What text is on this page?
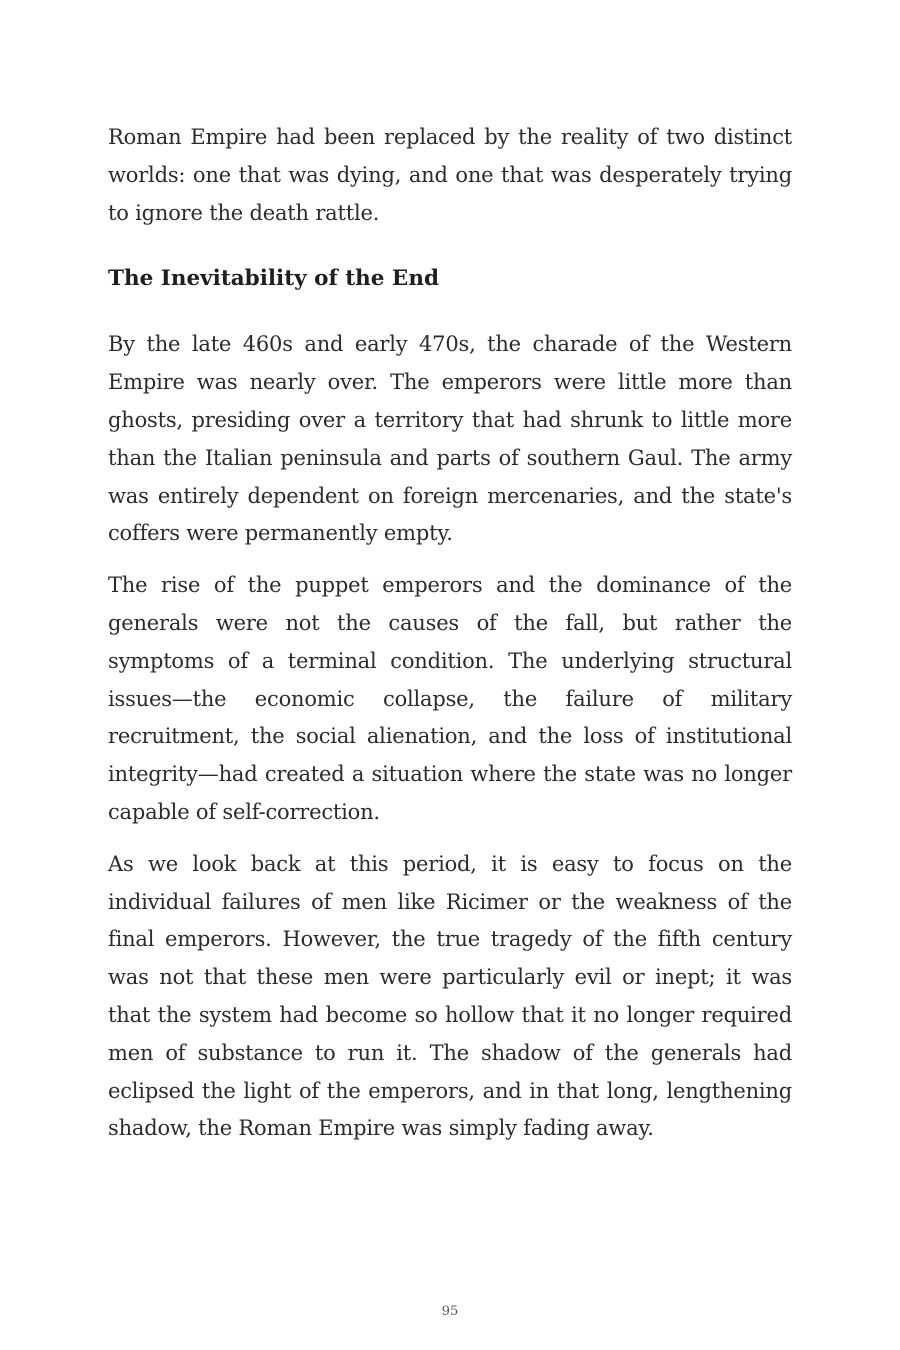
Roman Empire had been replaced by the reality of two distinct worlds: one that was dying, and one that was desperately trying to ignore the death rattle.

The Inevitability of the End

By the late 460s and early 470s, the charade of the Western Empire was nearly over. The emperors were little more than ghosts, presiding over a territory that had shrunk to little more than the Italian peninsula and parts of southern Gaul. The army was entirely dependent on foreign mercenaries, and the state's coffers were permanently empty.

The rise of the puppet emperors and the dominance of the generals were not the causes of the fall, but rather the symptoms of a terminal condition. The underlying structural issues—the economic collapse, the failure of military recruitment, the social alienation, and the loss of institutional integrity—had created a situation where the state was no longer capable of self-correction.

As we look back at this period, it is easy to focus on the individual failures of men like Ricimer or the weakness of the final emperors. However, the true tragedy of the fifth century was not that these men were particularly evil or inept; it was that the system had become so hollow that it no longer required men of substance to run it. The shadow of the generals had eclipsed the light of the emperors, and in that long, lengthening shadow, the Roman Empire was simply fading away.

95
